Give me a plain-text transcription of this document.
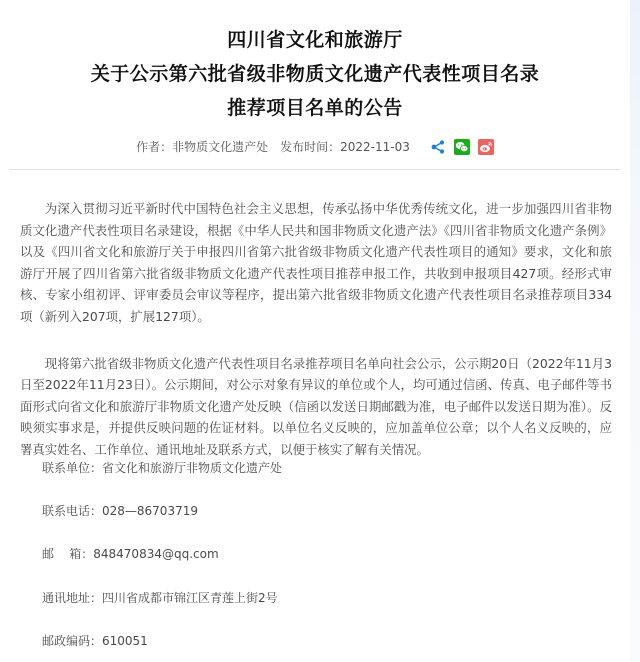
四川省文化和旅游厅
关于公示第六批省级非物质文化遗产代表性项目名录
推荐项目名单的公告
作者：非物质文化遗产处 发布时间：2022-11-03

为深入贯彻习近平新时代中国特色社会主义思想，传承弘扬中华优秀传统文化，进一步加强四川省非物质文化遗产代表性项目名录建设，根据《中华人民共和国非物质文化遗产法》《四川省非物质文化遗产条例》以及《四川省文化和旅游厅关于申报四川省第六批省级非物质文化遗产代表性项目的通知》要求，文化和旅游厅开展了四川省第六批省级非物质文化遗产代表性项目推荐申报工作，共收到申报项目427项。经形式审核、专家小组初评、评审委员会审议等程序，提出第六批省级非物质文化遗产代表性项目名录推荐项目334项（新列入207项，扩展127项）。

现将第六批省级非物质文化遗产代表性项目名录推荐项目名单向社会公示，公示期20日（2022年11月3日至2022年11月23日）。公示期间，对公示对象有异议的单位或个人，均可通过信函、传真、电子邮件等书面形式向省文化和旅游厅非物质文化遗产处反映（信函以发送日期邮戳为准，电子邮件以发送日期为准）。反映须实事求是，并提供反映问题的佐证材料。以单位名义反映的，应加盖单位公章；以个人名义反映的，应署真实姓名、工作单位、通讯地址及联系方式，以便于核实了解有关情况。

联系单位：省文化和旅游厅非物质文化遗产处
联系电话：028—86703719
邮    箱：848470834@qq.com
通讯地址：四川省成都市锦江区青莲上街2号
邮政编码：610051
